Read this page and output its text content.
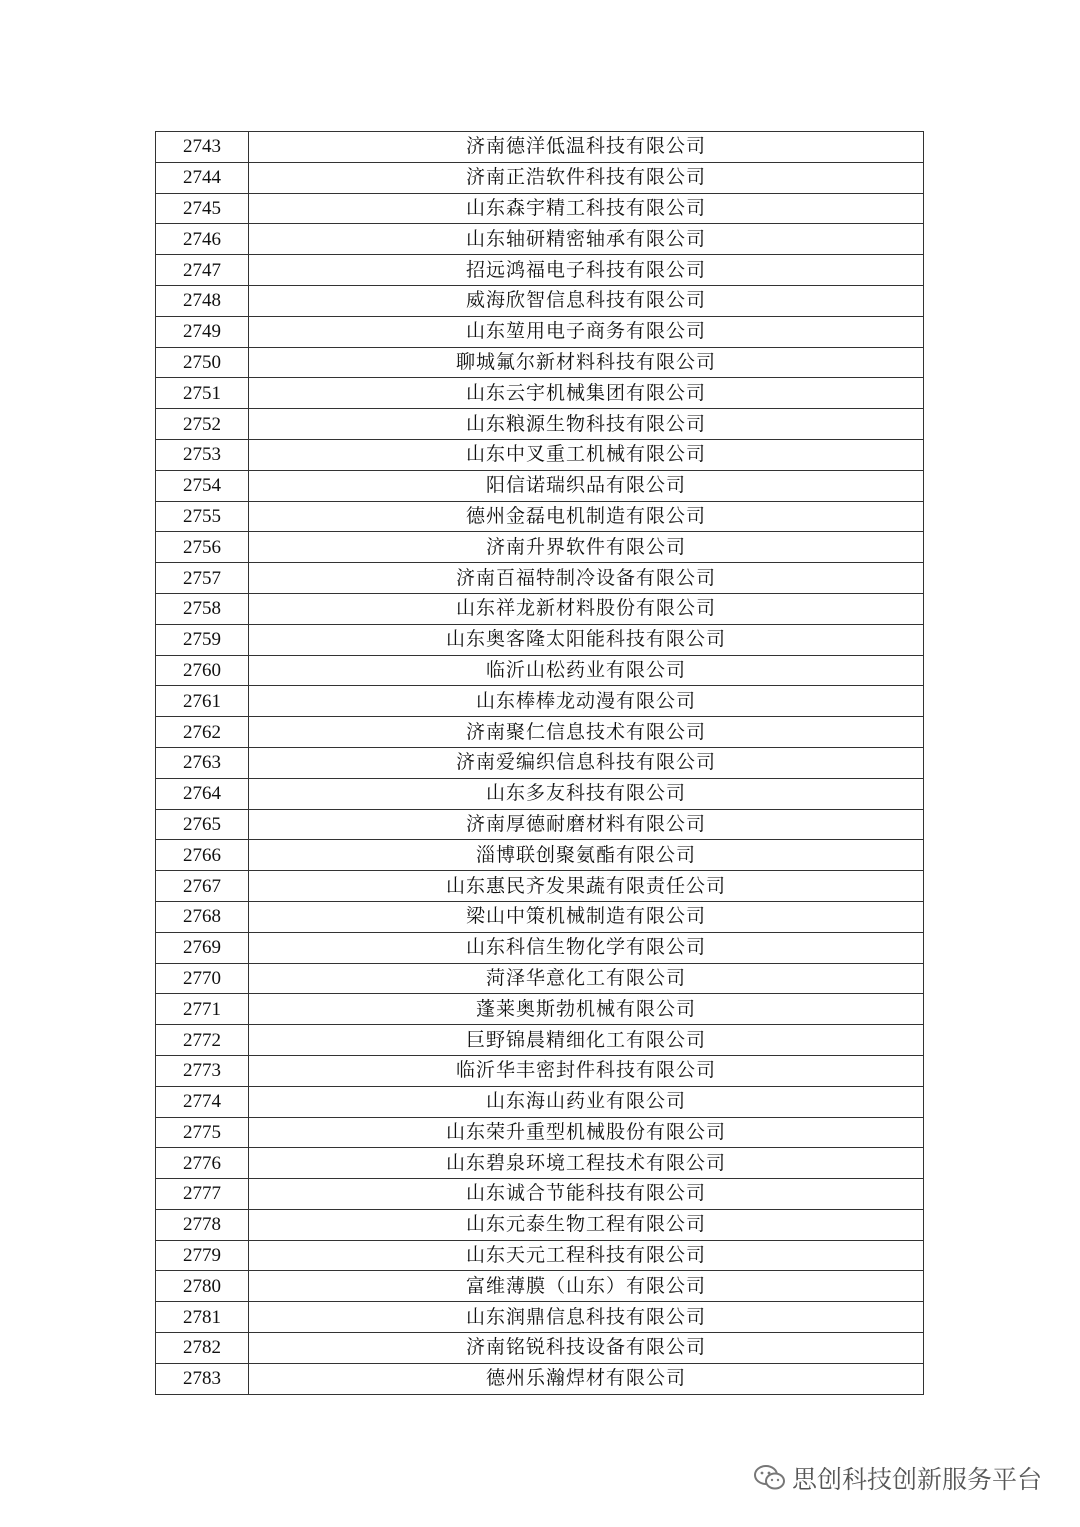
2743	济南德洋低温科技有限公司
2744	济南正浩软件科技有限公司
2745	山东森宇精工科技有限公司
2746	山东轴研精密轴承有限公司
2747	招远鸿福电子科技有限公司
2748	威海欣智信息科技有限公司
2749	山东堃用电子商务有限公司
2750	聊城氟尔新材料科技有限公司
2751	山东云宇机械集团有限公司
2752	山东粮源生物科技有限公司
2753	山东中叉重工机械有限公司
2754	阳信诺瑞织品有限公司
2755	德州金磊电机制造有限公司
2756	济南升界软件有限公司
2757	济南百福特制冷设备有限公司
2758	山东祥龙新材料股份有限公司
2759	山东奥客隆太阳能科技有限公司
2760	临沂山松药业有限公司
2761	山东棒棒龙动漫有限公司
2762	济南聚仁信息技术有限公司
2763	济南爱编织信息科技有限公司
2764	山东多友科技有限公司
2765	济南厚德耐磨材料有限公司
2766	淄博联创聚氨酯有限公司
2767	山东惠民齐发果蔬有限责任公司
2768	梁山中策机械制造有限公司
2769	山东科信生物化学有限公司
2770	菏泽华意化工有限公司
2771	蓬莱奥斯勃机械有限公司
2772	巨野锦晨精细化工有限公司
2773	临沂华丰密封件科技有限公司
2774	山东海山药业有限公司
2775	山东荣升重型机械股份有限公司
2776	山东碧泉环境工程技术有限公司
2777	山东诚合节能科技有限公司
2778	山东元泰生物工程有限公司
2779	山东天元工程科技有限公司
2780	富维薄膜（山东）有限公司
2781	山东润鼎信息科技有限公司
2782	济南铭锐科技设备有限公司
2783	德州乐瀚焊材有限公司
思创科技创新服务平台
